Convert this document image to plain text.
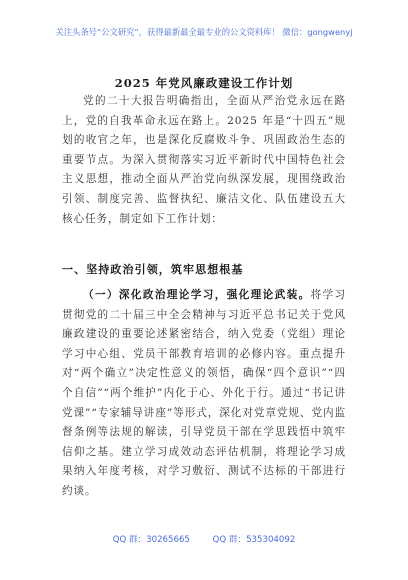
关注头条号“公文研究”，获得最新最全最专业的公文资料库！ 微信：gongwenyj
2025 年党风廉政建设工作计划
党的二十大报告明确指出，全面从严治党永远在路上，党的自我革命永远在路上。2025 年是“十四五”规划的收官之年，也是深化反腐败斗争、巩固政治生态的重要节点。为深入贯彻落实习近平新时代中国特色社会主义思想，推动全面从严治党向纵深发展，现围绕政治引领、制度完善、监督执纪、廉洁文化、队伍建设五大核心任务，制定如下工作计划：
一、坚持政治引领，筑牢思想根基
（一）深化政治理论学习，强化理论武装。将学习贯彻党的二十届三中全会精神与习近平总书记关于党风廉政建设的重要论述紧密结合，纳入党委（党组）理论学习中心组、党员干部教育培训的必修内容。重点提升对“两个确立”决定性意义的领悟，确保“四个意识”“四个自信”“两个维护”内化于心、外化于行。通过“书记讲党课”“专家辅导讲座”等形式，深化对党章党规、党内监督条例等法规的解读，引导党员干部在学思践悟中筑牢信仰之基。建立学习成效动态评估机制，将理论学习成果纳入年度考核，对学习敷衍、测试不达标的干部进行约谈。
QQ 群：30265665	QQ 群：535304092
